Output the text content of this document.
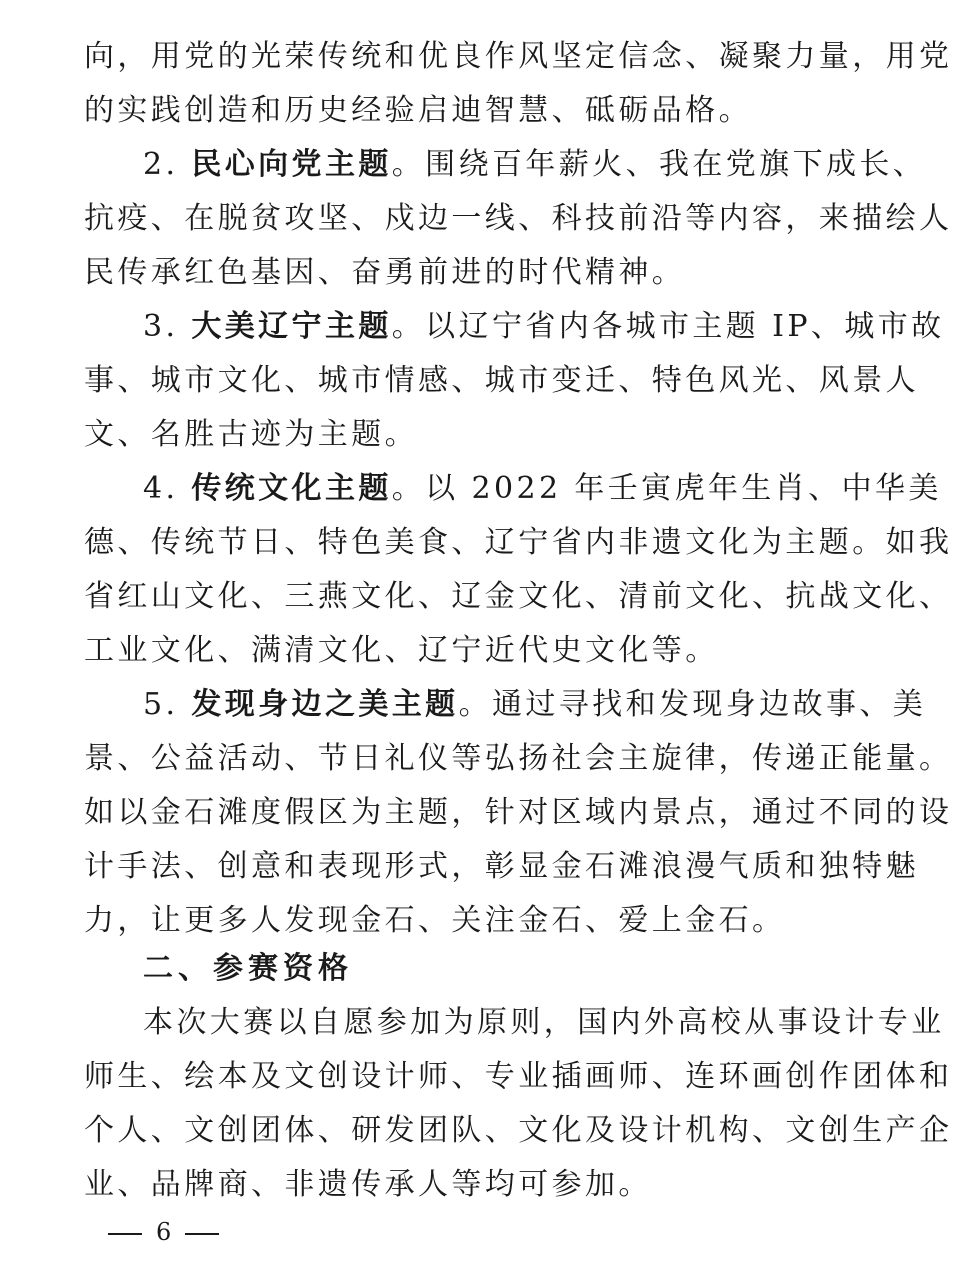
向，用党的光荣传统和优良作风坚定信念、凝聚力量，用党
的实践创造和历史经验启迪智慧、砥砺品格。
2. 民心向党主题。围绕百年薪火、我在党旗下成长、
抗疫、在脱贫攻坚、戍边一线、科技前沿等内容，来描绘人
民传承红色基因、奋勇前进的时代精神。
3. 大美辽宁主题。以辽宁省内各城市主题 IP、城市故
事、城市文化、城市情感、城市变迁、特色风光、风景人
文、名胜古迹为主题。
4. 传统文化主题。以 2022 年壬寅虎年生肖、中华美
德、传统节日、特色美食、辽宁省内非遗文化为主题。如我
省红山文化、三燕文化、辽金文化、清前文化、抗战文化、
工业文化、满清文化、辽宁近代史文化等。
5. 发现身边之美主题。通过寻找和发现身边故事、美
景、公益活动、节日礼仪等弘扬社会主旋律，传递正能量。
如以金石滩度假区为主题，针对区域内景点，通过不同的设
计手法、创意和表现形式，彰显金石滩浪漫气质和独特魅
力，让更多人发现金石、关注金石、爱上金石。
二、参赛资格
本次大赛以自愿参加为原则，国内外高校从事设计专业
师生、绘本及文创设计师、专业插画师、连环画创作团体和
个人、文创团体、研发团队、文化及设计机构、文创生产企
业、品牌商、非遗传承人等均可参加。
6
